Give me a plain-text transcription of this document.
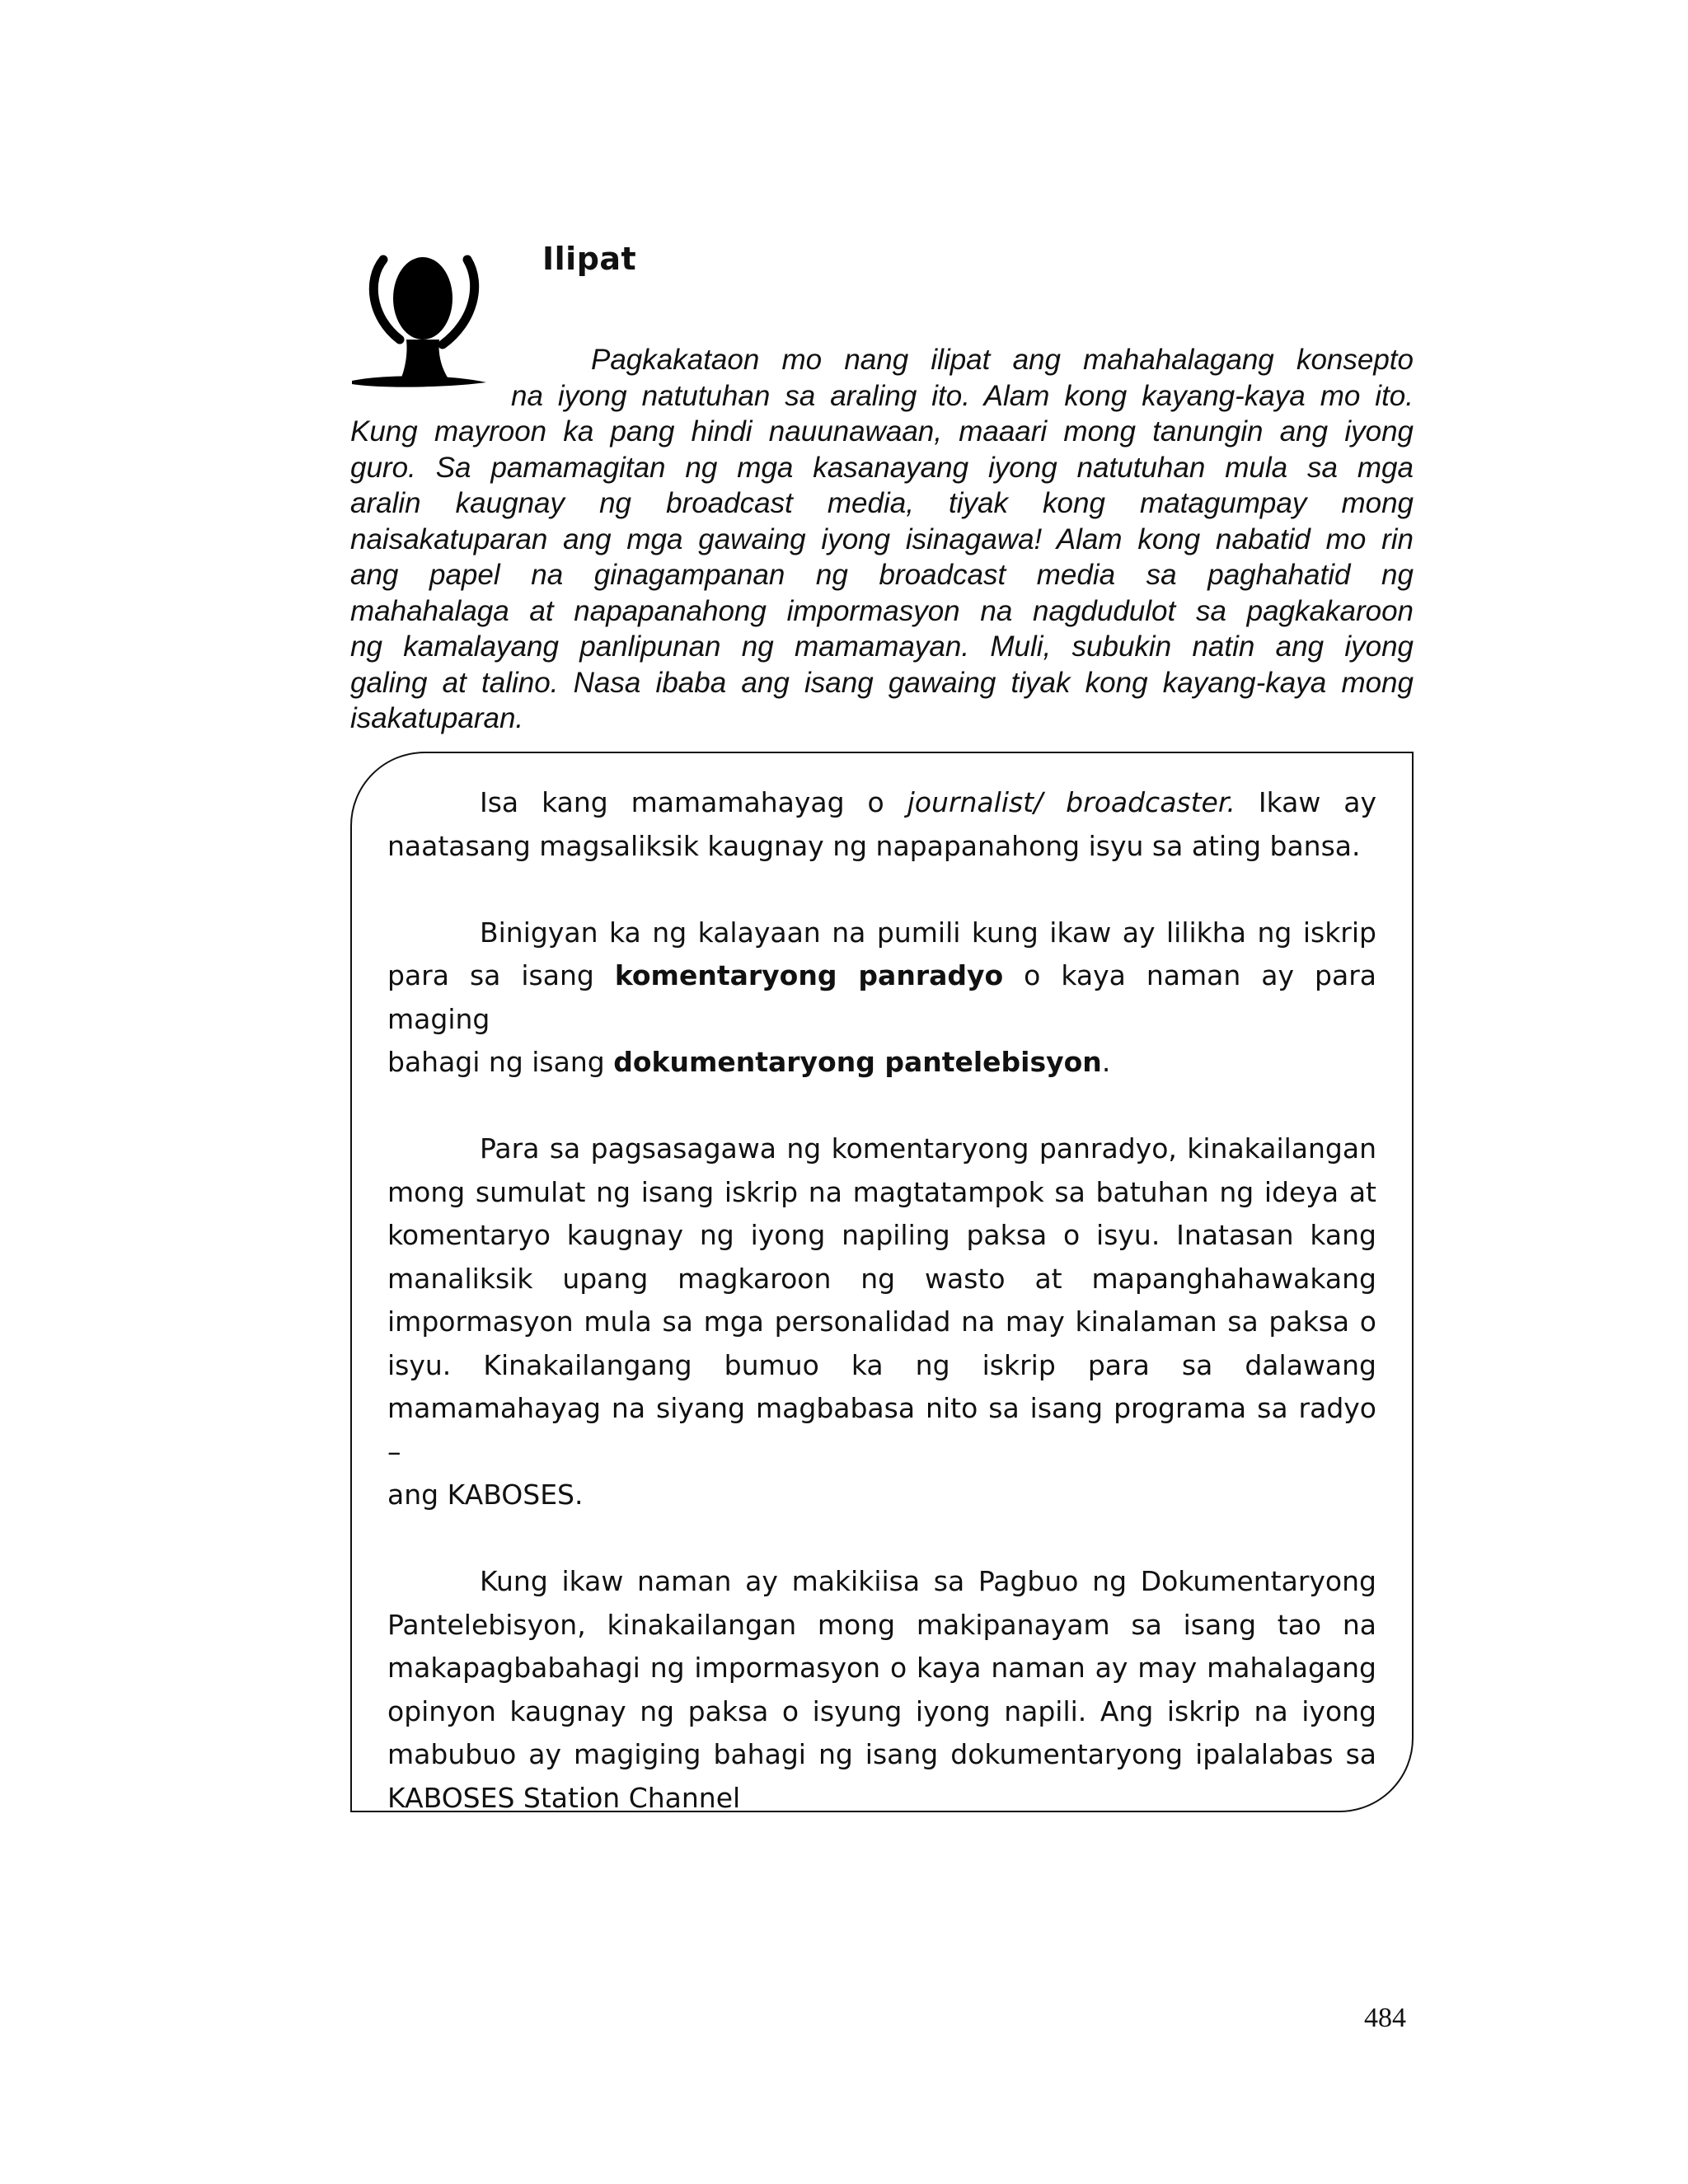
Ilipat
Pagkakataon mo nang ilipat ang mahahalagang konsepto
na iyong natutuhan sa araling ito. Alam kong kayang-kaya mo ito.
Kung mayroon ka pang hindi nauunawaan, maaari mong tanungin ang iyong
guro. Sa pamamagitan ng mga kasanayang iyong natutuhan mula sa mga
aralin kaugnay ng broadcast media, tiyak kong matagumpay mong
naisakatuparan ang mga gawaing iyong isinagawa! Alam kong nabatid mo rin
ang papel na ginagampanan ng broadcast media sa paghahatid ng
mahahalaga at napapanahong impormasyon na nagdudulot sa pagkakaroon
ng kamalayang panlipunan ng mamamayan. Muli, subukin natin ang iyong
galing at talino. Nasa ibaba ang isang gawaing tiyak kong kayang-kaya mong
isakatuparan.
Isa kang mamamahayag o journalist/ broadcaster. Ikaw ay
naatasang magsaliksik kaugnay ng napapanahong isyu sa ating bansa.
Binigyan ka ng kalayaan na pumili kung ikaw ay lilikha ng iskrip
para sa isang komentaryong panradyo o kaya naman ay para maging
bahagi ng isang dokumentaryong pantelebisyon.
Para sa pagsasagawa ng komentaryong panradyo, kinakailangan
mong sumulat ng isang iskrip na magtatampok sa batuhan ng ideya at
komentaryo kaugnay ng iyong napiling paksa o isyu. Inatasan kang
manaliksik upang magkaroon ng wasto at mapanghahawakang
impormasyon mula sa mga personalidad na may kinalaman sa paksa o
isyu. Kinakailangang bumuo ka ng iskrip para sa dalawang
mamamahayag na siyang magbabasa nito sa isang programa sa radyo –
ang KABOSES.
Kung ikaw naman ay makikiisa sa Pagbuo ng Dokumentaryong
Pantelebisyon, kinakailangan mong makipanayam sa isang tao na
makapagbabahagi ng impormasyon o kaya naman ay may mahalagang
opinyon kaugnay ng paksa o isyung iyong napili. Ang iskrip na iyong
mabubuo ay magiging bahagi ng isang dokumentaryong ipalalabas sa
KABOSES Station Channel
484
